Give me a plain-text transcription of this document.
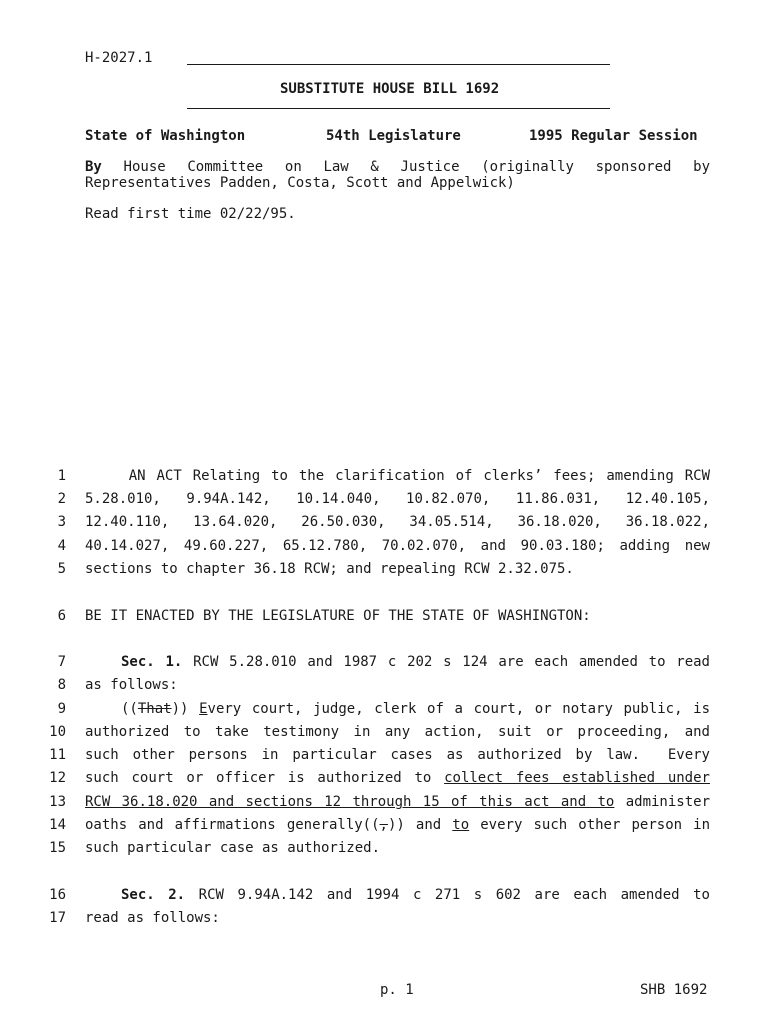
H-2027.1
SUBSTITUTE HOUSE BILL 1692
State of Washington	54th Legislature	1995 Regular Session
By House Committee on Law & Justice (originally sponsored by
Representatives Padden, Costa, Scott and Appelwick)
Read first time 02/22/95.
1 AN ACT Relating to the clarification of clerks’ fees; amending RCW
2 5.28.010, 9.94A.142, 10.14.040, 10.82.070, 11.86.031, 12.40.105,
3 12.40.110, 13.64.020, 26.50.030, 34.05.514, 36.18.020, 36.18.022,
4 40.14.027, 49.60.227, 65.12.780, 70.02.070, and 90.03.180; adding new
5 sections to chapter 36.18 RCW; and repealing RCW 2.32.075.
6 BE IT ENACTED BY THE LEGISLATURE OF THE STATE OF WASHINGTON:
7	Sec. 1. RCW 5.28.010 and 1987 c 202 s 124 are each amended to read
8 as follows:
9	((That)) Every court, judge, clerk of a court, or notary public, is
10 authorized to take testimony in any action, suit or proceeding, and
11 such other persons in particular cases as authorized by law.  Every
12 such court or officer is authorized to collect fees established under
13 RCW 36.18.020 and sections 12 through 15 of this act and to administer
14 oaths and affirmations generally((,)) and to every such other person in
15 such particular case as authorized.
16	Sec. 2. RCW 9.94A.142 and 1994 c 271 s 602 are each amended to
17 read as follows:
p. 1	SHB 1692
